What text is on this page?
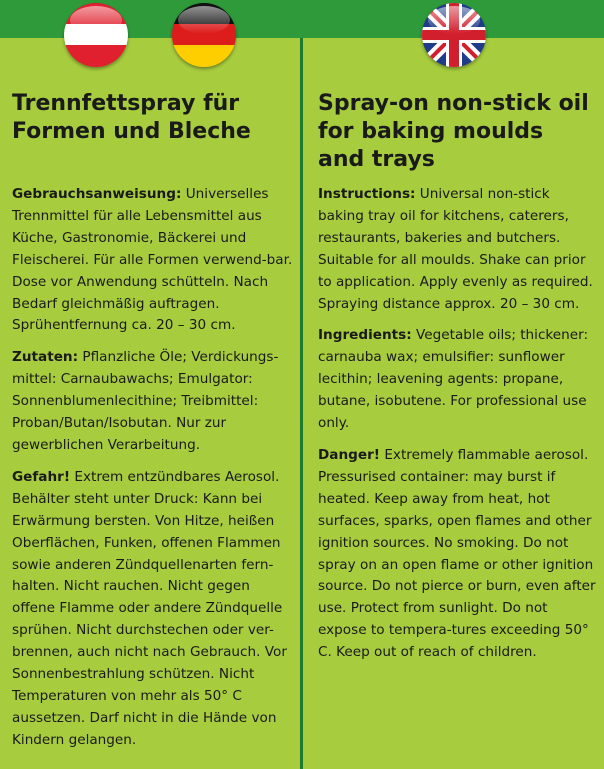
Trennfettspray für
Formen und Bleche

Gebrauchsanweisung: Universelles Trennmittel für alle Lebensmittel aus Küche, Gastronomie, Bäckerei und Fleischerei. Für alle Formen verwend-bar. Dose vor Anwendung schütteln. Nach Bedarf gleichmäßig auftragen. Sprühentfernung ca. 20 – 30 cm.

Zutaten: Pflanzliche Öle; Verdickungs-mittel: Carnaubawachs; Emulgator: Sonnenblumenlecithine; Treibmittel: Proban/Butan/Isobutan. Nur zur gewerblichen Verarbeitung.

Gefahr! Extrem entzündbares Aerosol. Behälter steht unter Druck: Kann bei Erwärmung bersten. Von Hitze, heißen Oberflächen, Funken, offenen Flammen sowie anderen Zündquellenarten fern-halten. Nicht rauchen. Nicht gegen offene Flamme oder andere Zündquelle sprühen. Nicht durchstechen oder ver-brennen, auch nicht nach Gebrauch. Vor Sonnenbestrahlung schützen. Nicht Temperaturen von mehr als 50° C aussetzen. Darf nicht in die Hände von Kindern gelangen.

Spray-on non-stick oil
for baking moulds
and trays

Instructions: Universal non-stick baking tray oil for kitchens, caterers, restaurants, bakeries and butchers. Suitable for all moulds. Shake can prior to application. Apply evenly as required. Spraying distance approx. 20 – 30 cm.

Ingredients: Vegetable oils; thickener: carnauba wax; emulsifier: sunflower lecithin; leavening agents: propane, butane, isobutene. For professional use only.

Danger! Extremely flammable aerosol. Pressurised container: may burst if heated. Keep away from heat, hot surfaces, sparks, open flames and other ignition sources. No smoking. Do not spray on an open flame or other ignition source. Do not pierce or burn, even after use. Protect from sunlight. Do not expose to tempera-tures exceeding 50° C. Keep out of reach of children.
